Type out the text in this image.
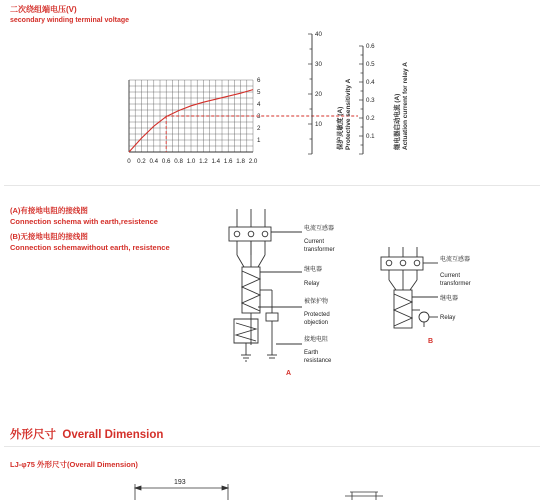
二次绕组端电压(V)
secondary winding terminal voltage
0 0.2 0.4 0.6 0.8 1.0 1.2 1.4 1.6 1.8 2.0
1
2
3
4
5
6
10
20
30
40
0.1
0.2
0.3
0.4
0.5
0.6
保护灵敏度 (A) Protective sensitivity A	继电器启动电流 (A) Actuation current for relay A
(A)有接地电阻的接线图
Connection schema with earth,resistence
(B)无接地电阻的接线图
Connection schemawithout earth, resistence
电流互感器
Current
transformer
继电器
Relay
被保护物
Protected
objection
接地电阻
Earth
resistance
电流互感器
Current
transformer
继电器
Relay
A
B
外形尺寸 Overall Dimension
LJ-φ75 外形尺寸(Overall Dimension)
193
